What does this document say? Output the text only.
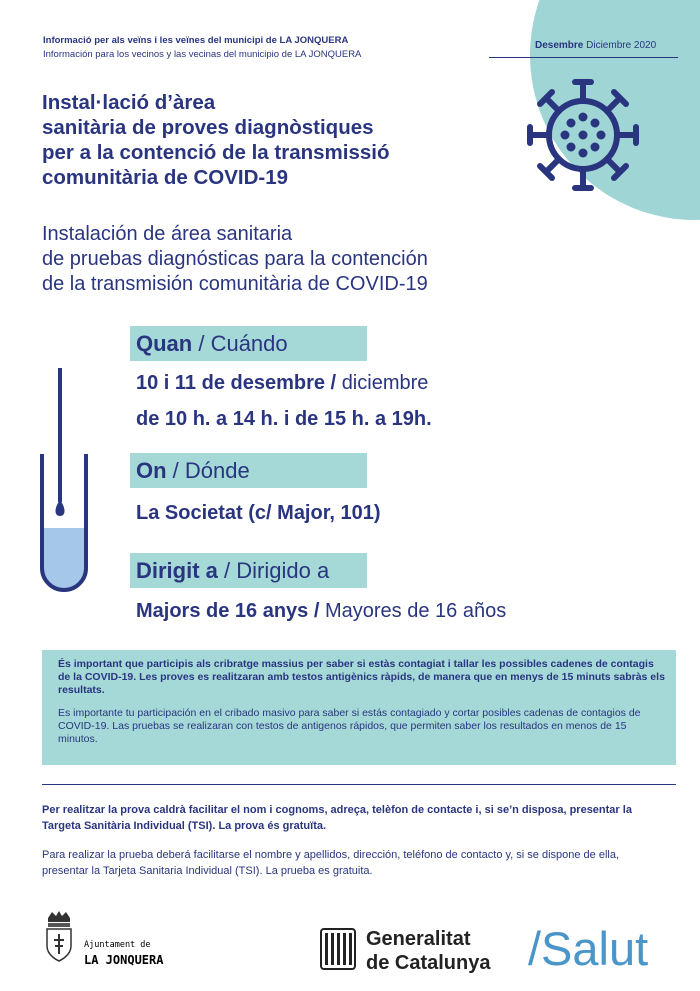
Informació per als veïns i les veïnes del municipi de LA JONQUERA
Información para los vecinos y las vecinas del municipio de LA JONQUERA
Desembre Diciembre 2020
Instal·lació d’àrea
sanitària de proves diagnòstiques
per a la contenció de la transmissió
comunitària de COVID-19
Instalación de área sanitaria
de pruebas diagnósticas para la contención
de la transmisión comunitària de COVID-19
Quan / Cuándo
10 i 11 de desembre / diciembre
de 10 h. a 14 h. i de 15 h. a 19h.
On / Dónde
La Societat (c/ Major, 101)
Dirigit a / Dirigido a
Majors de 16 anys / Mayores de 16 años

És important que participis als cribratge massius per saber si estàs contagiat i tallar les possibles cadenes de contagis de la COVID-19. Les proves es realitzaran amb testos antigènics ràpids, de manera que en menys de 15 minuts sabràs els resultats.

Es importante tu participación en el cribado masivo para saber si estás contagiado y cortar posibles cadenas de contagios de COVID-19. Las pruebas se realizaran con testos de antigenos rápidos, que permiten saber los resultados en menos de 15 minutos.

Per realitzar la prova caldrà facilitar el nom i cognoms, adreça, telèfon de contacte i, si se’n disposa, presentar la Targeta Sanitària Individual (TSI). La prova és gratuïta.
Para realizar la prueba deberá facilitarse el nombre y apellidos, dirección, teléfono de contacto y, si se dispone de ella, presentar la Tarjeta Sanitaria Individual (TSI). La prueba es gratuita.
Ajuntament de
LA JONQUERA
Generalitat
de Catalunya /Salut
